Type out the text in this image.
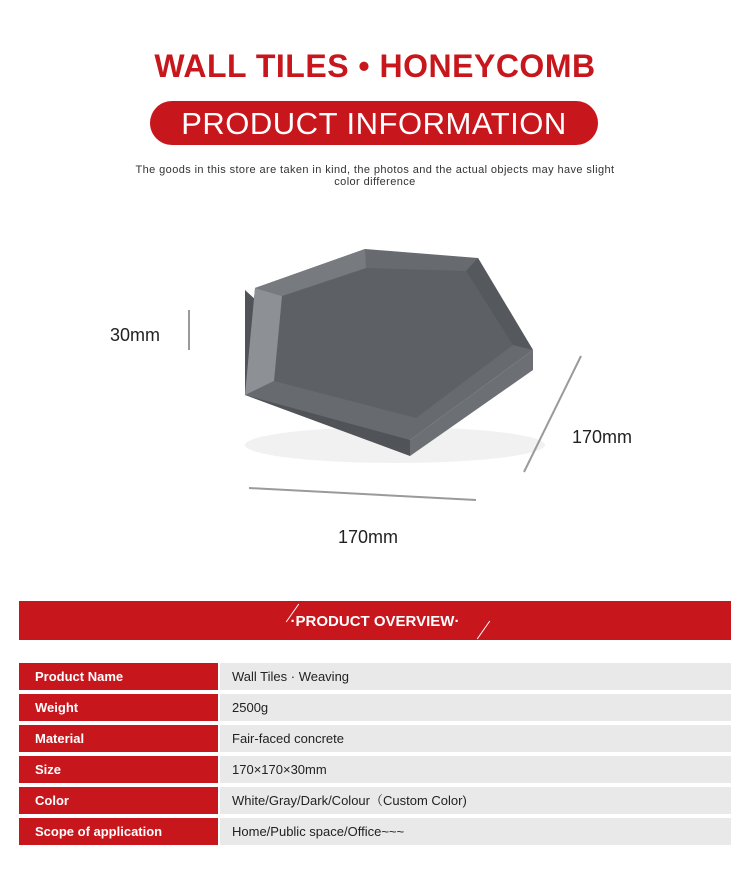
WALL TILES • HONEYCOMB
PRODUCT INFORMATION
The goods in this store are taken in kind, the photos and the actual objects may have slight
color difference
30mm
170mm
170mm
·PRODUCT OVERVIEW·
Product Name	Wall Tiles · Weaving
Weight	2500g
Material	Fair-faced concrete
Size	170×170×30mm
Color	White/Gray/Dark/Colour（Custom Color)
Scope of application	Home/Public space/Office~~~
